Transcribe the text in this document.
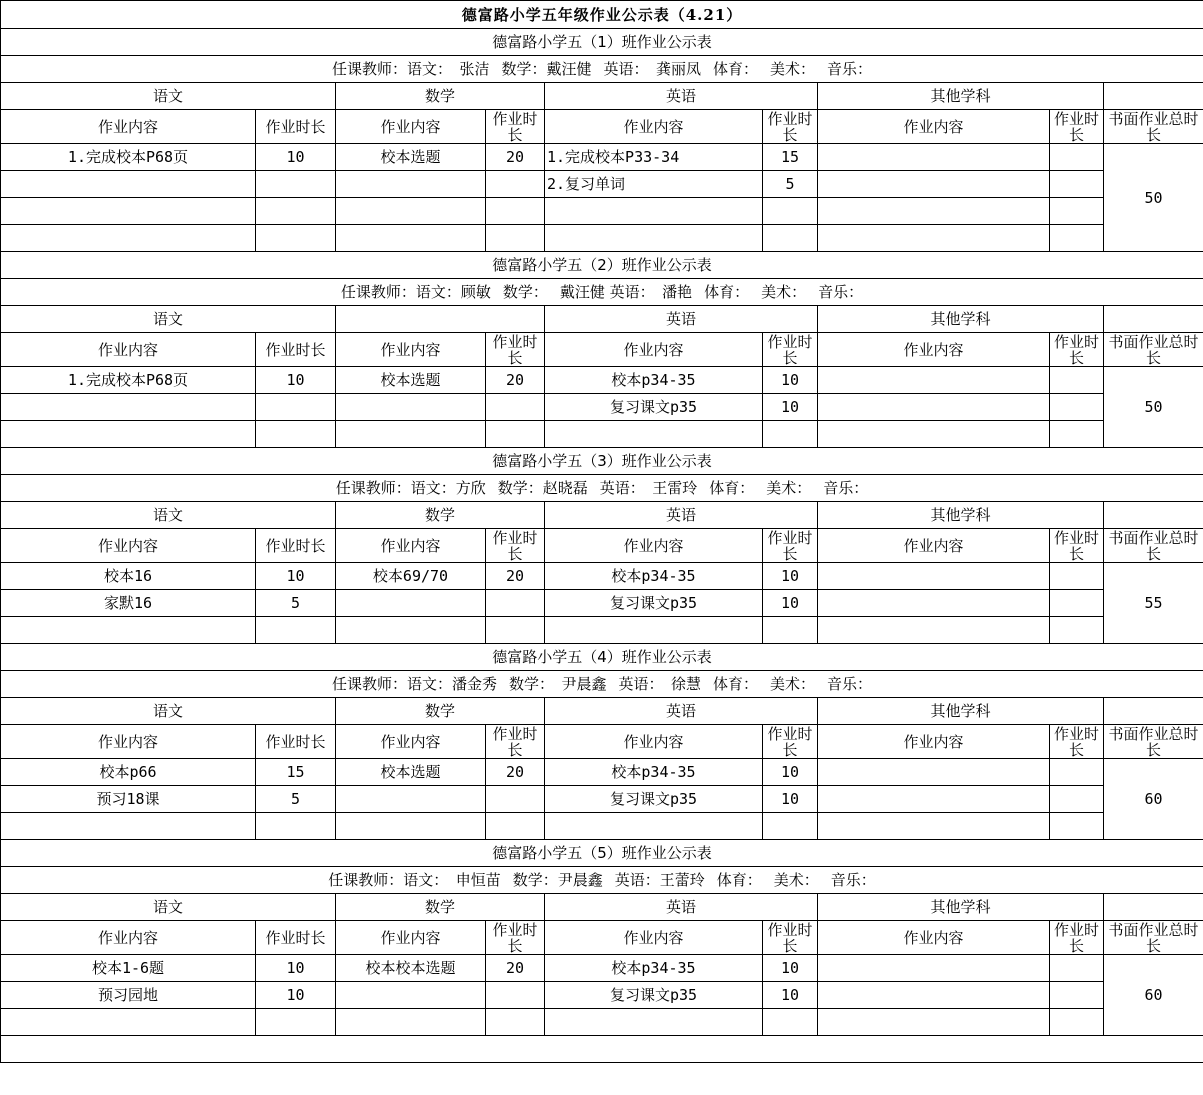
德富路小学五年级作业公示表（4.21）								
德富路小学五（1）班作业公示表								
任课教师：语文：　张洁 数学：戴汪健 英语：　龚丽凤 体育： 美术： 音乐：								
语文		数学		英语		其他学科		
作业内容	作业时长	作业内容	作业时长	作业内容	作业时长	作业内容	作业时长	书面作业总时长
1.完成校本P68页	10	校本选题	20	1.完成校本P33-34	15			50
				2.复习单词	5			

德富路小学五（2）班作业公示表								
任课教师：语文：顾敏 数学： 戴汪健 英语：　潘艳 体育： 美术： 音乐：								
语文				英语		其他学科		
作业内容	作业时长	作业内容	作业时长	作业内容	作业时长	作业内容	作业时长	书面作业总时长
1.完成校本P68页	10	校本选题	20	校本p34-35	10			50
				复习课文p35	10			

德富路小学五（3）班作业公示表								
任课教师：语文：方欣 数学：赵晓磊 英语：　王雷玲 体育： 美术： 音乐：								
语文		数学		英语		其他学科		
作业内容	作业时长	作业内容	作业时长	作业内容	作业时长	作业内容	作业时长	书面作业总时长
校本16	10	校本69/70	20	校本p34-35	10			55
家默16	5			复习课文p35	10			

德富路小学五（4）班作业公示表								
任课教师：语文：潘金秀 数学：　尹晨鑫 英语：　徐慧 体育： 美术： 音乐：								
语文		数学		英语		其他学科		
作业内容	作业时长	作业内容	作业时长	作业内容	作业时长	作业内容	作业时长	书面作业总时长
校本p66	15	校本选题	20	校本p34-35	10			60
预习18课	5			复习课文p35	10			

德富路小学五（5）班作业公示表								
任课教师：语文：　申恒苗 数学：尹晨鑫 英语：王蕾玲 体育： 美术： 音乐：								
语文		数学		英语		其他学科		
作业内容	作业时长	作业内容	作业时长	作业内容	作业时长	作业内容	作业时长	书面作业总时长
校本1-6题	10	校本校本选题	20	校本p34-35	10			60
预习园地	10			复习课文p35	10			
